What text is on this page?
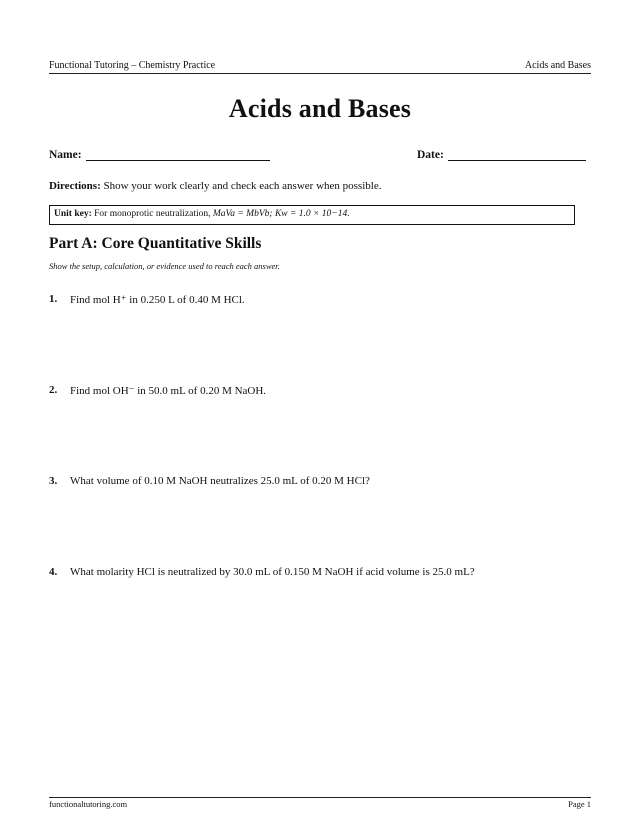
Functional Tutoring – Chemistry Practice	Acids and Bases
Acids and Bases
Name:	Date:
Directions: Show your work clearly and check each answer when possible.
Unit key: For monoprotic neutralization, MaVa = MbVb; Kw = 1.0 × 10−14.
Part A: Core Quantitative Skills
Show the setup, calculation, or evidence used to reach each answer.
1.	Find mol H⁺ in 0.250 L of 0.40 M HCl.
2.	Find mol OH⁻ in 50.0 mL of 0.20 M NaOH.
3.	What volume of 0.10 M NaOH neutralizes 25.0 mL of 0.20 M HCl?
4.	What molarity HCl is neutralized by 30.0 mL of 0.150 M NaOH if acid volume is 25.0 mL?
functionaltutoring.com	Page 1
